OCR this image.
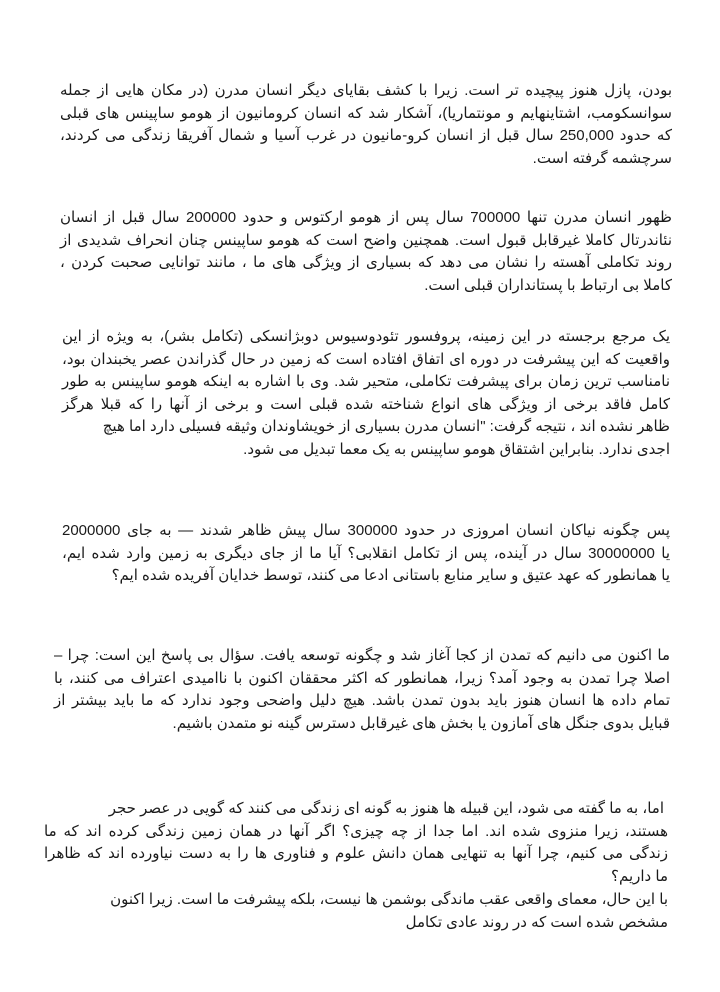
بودن، پازل هنوز پیچیده تر است. زیرا با کشف بقایای دیگر انسان مدرن (در مکان هایی از جمله
سوانسکومب، اشتاینهایم و مونتماریا)، آشکار شد که انسان کرومانیون از هومو ساپینس های قبلی
که حدود 250,000 سال قبل از انسان کرو-مانیون در غرب آسیا و شمال آفریقا زندگی می کردند،
سرچشمه گرفته است.
ظهور انسان مدرن تنها 700000 سال پس از هومو ارکتوس و حدود 200000 سال قبل از انسان
نئاندرتال کاملا غیرقابل قبول است. همچنین واضح است که هومو ساپینس چنان انحراف شدیدی از
روند تکاملی آهسته را نشان می دهد که بسیاری از ویژگی های ما ، مانند توانایی صحبت کردن ،
کاملا بی ارتباط با پستانداران قبلی است.
یک مرجع برجسته در این زمینه، پروفسور تئودوسیوس دوبژانسکی (تکامل بشر)، به ویژه از این
واقعیت که این پیشرفت در دوره ای اتفاق افتاده است که زمین در حال گذراندن عصر یخبندان بود،
نامناسب ترین زمان برای پیشرفت تکاملی، متحیر شد. وی با اشاره به اینکه هومو ساپینس به طور
کامل فاقد برخی از ویژگی های انواع شناخته شده قبلی است و برخی از آنها را که قبلا هرگز
ظاهر نشده اند ، نتیجه گرفت: "انسان مدرن بسیاری از خویشاوندان وثیقه فسیلی دارد اما هیچ
اجدی ندارد. بنابراین اشتقاق هومو ساپینس به یک معما تبدیل می شود.
پس چگونه نیاکان انسان امروزی در حدود 300000 سال پیش ظاهر شدند — به جای 2000000
یا 30000000 سال در آینده، پس از تکامل انقلابی؟ آیا ما از جای دیگری به زمین وارد شده ایم،
یا همانطور که عهد عتیق و سایر منابع باستانی ادعا می کنند، توسط خدایان آفریده شده ایم؟
ما اکنون می دانیم که تمدن از کجا آغاز شد و چگونه توسعه یافت. سؤال بی پاسخ این است: چرا –
اصلا چرا تمدن به وجود آمد؟ زیرا، همانطور که اکثر محققان اکنون با ناامیدی اعتراف می کنند، با
تمام داده ها انسان هنوز باید بدون تمدن باشد. هیچ دلیل واضحی وجود ندارد که ما باید بیشتر از
قبایل بدوی جنگل های آمازون یا بخش های غیرقابل دسترس گینه نو متمدن باشیم.
اما، به ما گفته می شود، این قبیله ها هنوز به گونه ای زندگی می کنند که گویی در عصر حجر
هستند، زیرا منزوی شده اند. اما جدا از چه چیزی؟ اگر آنها در همان زمین زندگی کرده اند که ما
زندگی می کنیم، چرا آنها به تنهایی همان دانش علوم و فناوری ها را به دست نیاورده اند که ظاهرا
ما داریم؟
با این حال، معمای واقعی عقب ماندگی بوشمن ها نیست، بلکه پیشرفت ما است. زیرا اکنون
مشخص شده است که در روند عادی تکامل
